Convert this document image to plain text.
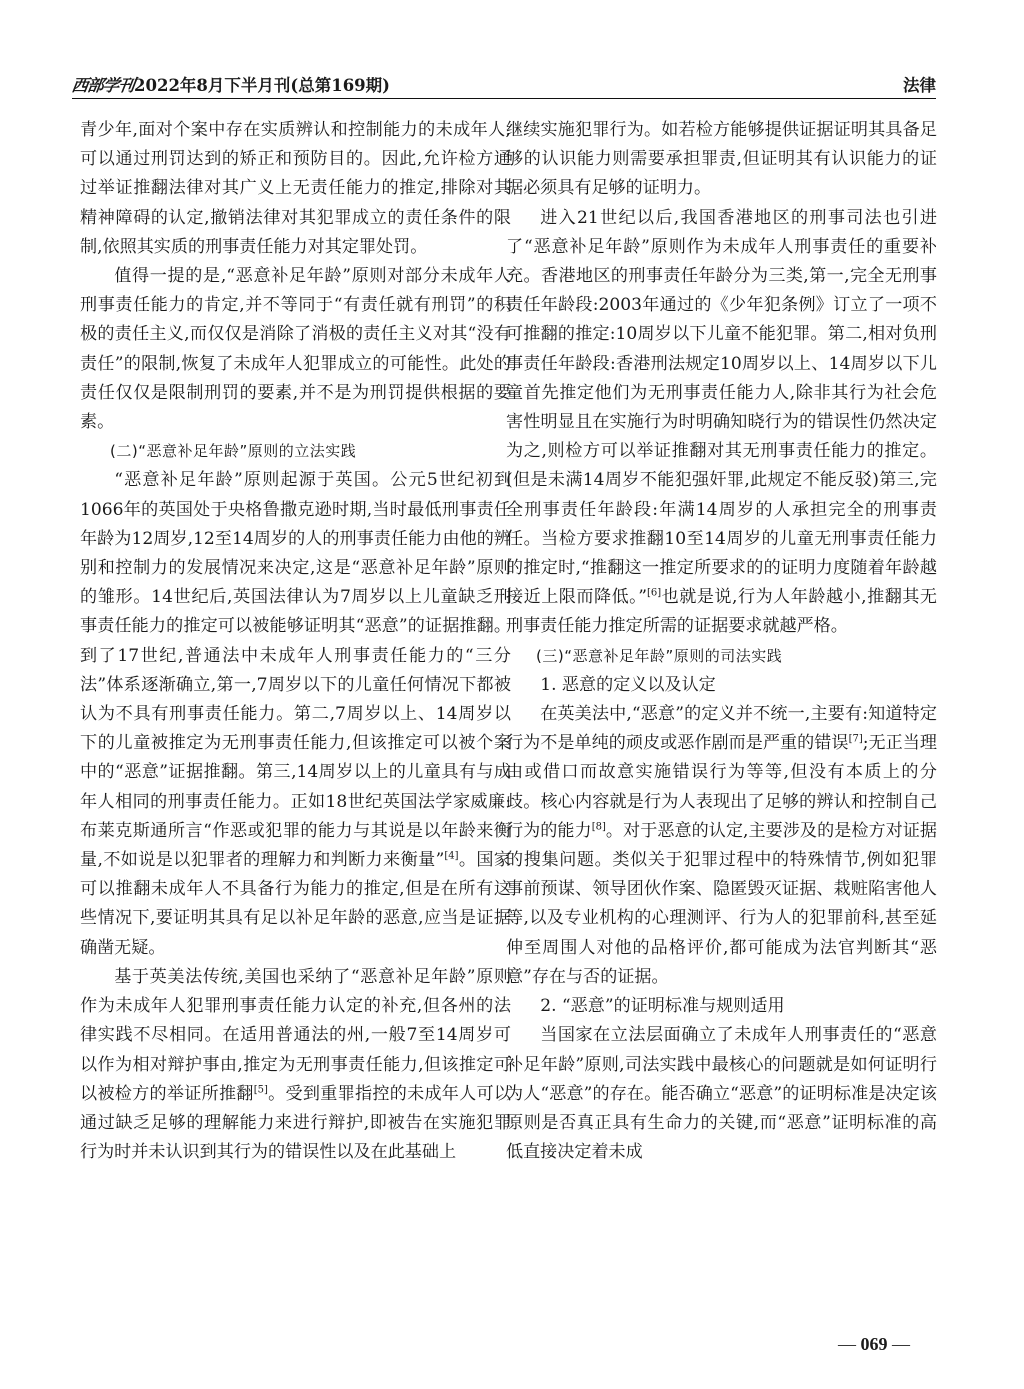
西部学刊2022年8月下半月刊(总第169期)	法律

青少年,面对个案中存在实质辨认和控制能力的未成年人,可以通过刑罚达到的矫正和预防目的。因此,允许检方通过举证推翻法律对其广义上无责任能力的推定,排除对其精神障碍的认定,撤销法律对其犯罪成立的责任条件的限制,依照其实质的刑事责任能力对其定罪处罚。

值得一提的是,“恶意补足年龄”原则对部分未成年人刑事责任能力的肯定,并不等同于“有责任就有刑罚”的积极的责任主义,而仅仅是消除了消极的责任主义对其“没有责任”的限制,恢复了未成年人犯罪成立的可能性。此处的责任仅仅是限制刑罚的要素,并不是为刑罚提供根据的要素。

(二)“恶意补足年龄”原则的立法实践

“恶意补足年龄”原则起源于英国。公元5世纪初到1066年的英国处于央格鲁撒克逊时期,当时最低刑事责任年龄为12周岁,12至14周岁的人的刑事责任能力由他的辨别和控制力的发展情况来决定,这是“恶意补足年龄”原则的雏形。14世纪后,英国法律认为7周岁以上儿童缺乏刑事责任能力的推定可以被能够证明其“恶意”的证据推翻。到了17世纪,普通法中未成年人刑事责任能力的“三分法”体系逐渐确立,第一,7周岁以下的儿童任何情况下都被认为不具有刑事责任能力。第二,7周岁以上、14周岁以下的儿童被推定为无刑事责任能力,但该推定可以被个案中的“恶意”证据推翻。第三,14周岁以上的儿童具有与成年人相同的刑事责任能力。正如18世纪英国法学家威廉·布莱克斯通所言“作恶或犯罪的能力与其说是以年龄来衡量,不如说是以犯罪者的理解力和判断力来衡量”[4]。国家可以推翻未成年人不具备行为能力的推定,但是在所有这些情况下,要证明其具有足以补足年龄的恶意,应当是证据确凿无疑。

基于英美法传统,美国也采纳了“恶意补足年龄”原则作为未成年人犯罪刑事责任能力认定的补充,但各州的法律实践不尽相同。在适用普通法的州,一般7至14周岁可以作为相对辩护事由,推定为无刑事责任能力,但该推定可以被检方的举证所推翻[5]。受到重罪指控的未成年人可以通过缺乏足够的理解能力来进行辩护,即被告在实施犯罪行为时并未认识到其行为的错误性以及在此基础上

继续实施犯罪行为。如若检方能够提供证据证明其具备足够的认识能力则需要承担罪责,但证明其有认识能力的证据必须具有足够的证明力。

进入21世纪以后,我国香港地区的刑事司法也引进了“恶意补足年龄”原则作为未成年人刑事责任的重要补充。香港地区的刑事责任年龄分为三类,第一,完全无刑事责任年龄段:2003年通过的《少年犯条例》订立了一项不可推翻的推定:10周岁以下儿童不能犯罪。第二,相对负刑事责任年龄段:香港刑法规定10周岁以上、14周岁以下儿童首先推定他们为无刑事责任能力人,除非其行为社会危害性明显且在实施行为时明确知晓行为的错误性仍然决定为之,则检方可以举证推翻对其无刑事责任能力的推定。(但是未满14周岁不能犯强奸罪,此规定不能反驳)第三,完全刑事责任年龄段:年满14周岁的人承担完全的刑事责任。当检方要求推翻10至14周岁的儿童无刑事责任能力的推定时,“推翻这一推定所要求的的证明力度随着年龄越接近上限而降低。”[6]也就是说,行为人年龄越小,推翻其无刑事责任能力推定所需的证据要求就越严格。

(三)“恶意补足年龄”原则的司法实践

1. 恶意的定义以及认定

在英美法中,“恶意”的定义并不统一,主要有:知道特定行为不是单纯的顽皮或恶作剧而是严重的错误[7];无正当理由或借口而故意实施错误行为等等,但没有本质上的分歧。核心内容就是行为人表现出了足够的辨认和控制自己行为的能力[8]。对于恶意的认定,主要涉及的是检方对证据的搜集问题。类似关于犯罪过程中的特殊情节,例如犯罪事前预谋、领导团伙作案、隐匿毁灭证据、栽赃陷害他人等,以及专业机构的心理测评、行为人的犯罪前科,甚至延伸至周围人对他的品格评价,都可能成为法官判断其“恶意”存在与否的证据。

2. “恶意”的证明标准与规则适用

当国家在立法层面确立了未成年人刑事责任的“恶意补足年龄”原则,司法实践中最核心的问题就是如何证明行为人“恶意”的存在。能否确立“恶意”的证明标准是决定该原则是否真正具有生命力的关键,而“恶意”证明标准的高低直接决定着未成

— 069 —
